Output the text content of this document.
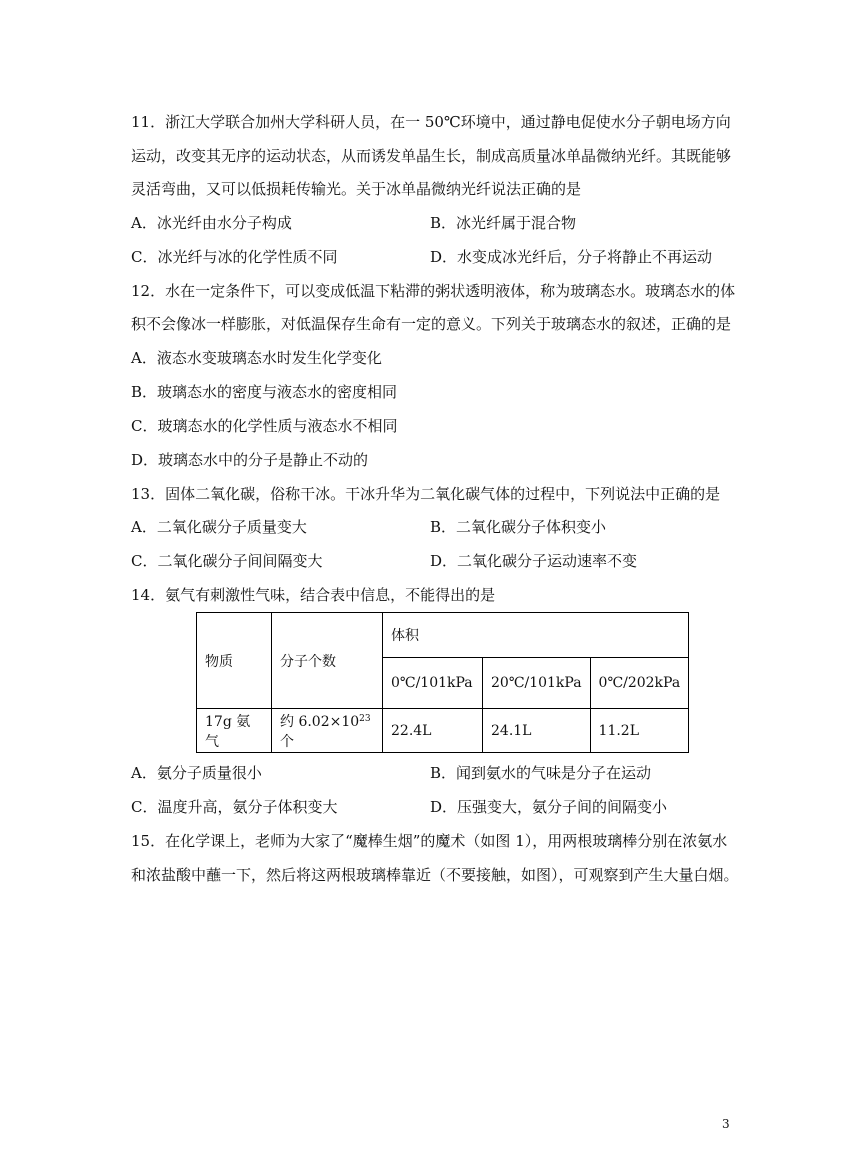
11．浙江大学联合加州大学科研人员，在一 50℃环境中，通过静电促使水分子朝电场方向
运动，改变其无序的运动状态，从而诱发单晶生长，制成高质量冰单晶微纳光纤。其既能够
灵活弯曲，又可以低损耗传输光。关于冰单晶微纳光纤说法正确的是
A．冰光纤由水分子构成	B．冰光纤属于混合物
C．冰光纤与冰的化学性质不同	D．水变成冰光纤后，分子将静止不再运动
12．水在一定条件下，可以变成低温下粘滞的粥状透明液体，称为玻璃态水。玻璃态水的体
积不会像冰一样膨胀，对低温保存生命有一定的意义。下列关于玻璃态水的叙述，正确的是
A．液态水变玻璃态水时发生化学变化
B．玻璃态水的密度与液态水的密度相同
C．玻璃态水的化学性质与液态水不相同
D．玻璃态水中的分子是静止不动的
13．固体二氧化碳，俗称干冰。干冰升华为二氧化碳气体的过程中，下列说法中正确的是
A．二氧化碳分子质量变大	B．二氧化碳分子体积变小
C．二氧化碳分子间间隔变大	D．二氧化碳分子运动速率不变
14．氨气有刺激性气味，结合表中信息，不能得出的是
物质	分子个数	体积		
		0℃/101kPa	20℃/101kPa	0℃/202kPa
17g 氨气	约 $6.02\times 10^{23}$ 个	22.4L	24.1L	11.2L
A．氨分子质量很小	B．闻到氨水的气味是分子在运动
C．温度升高，氨分子体积变大	D．压强变大，氨分子间的间隔变小
15．在化学课上，老师为大家了“魔棒生烟”的魔术（如图 1），用两根玻璃棒分别在浓氨水
和浓盐酸中蘸一下，然后将这两根玻璃棒靠近（不要接触，如图），可观察到产生大量白烟。
3
